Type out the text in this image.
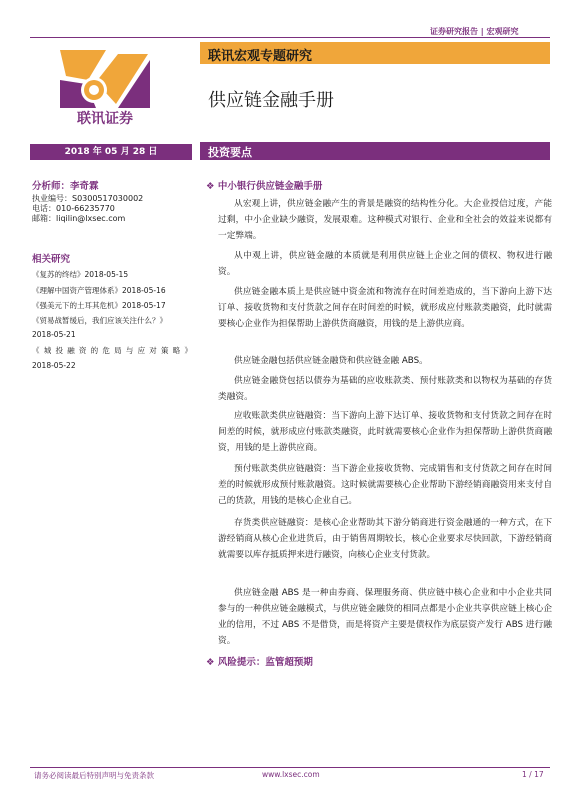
证券研究报告 | 宏观研究
联讯宏观专题研究
联讯证券
供应链金融手册
2018 年 05 月 28 日	投资要点
分析师：李奇霖
执业编号：S0300517030002
电话：010-66235770
邮箱：liqilin@lxsec.com
相关研究
《复苏的终结》2018-05-15
《理解中国资产管理体系》2018-05-16
《强美元下的土耳其危机》2018-05-17
《贸易战暂缓后，我们应该关注什么？》
2018-05-21
《城投融资的危局与应对策略》
2018-05-22
❖ 中小银行供应链金融手册

从宏观上讲，供应链金融产生的背景是融资的结构性分化。大企业授信过度，产能过剩，中小企业缺少融资，发展艰难。这种模式对银行、企业和全社会的效益来说都有一定弊端。

从中观上讲，供应链金融的本质就是利用供应链上企业之间的债权、物权进行融资。

供应链金融本质上是供应链中资金流和物流存在时间差造成的，当下游向上游下达订单、接收货物和支付货款之间存在时间差的时候，就形成应付账款类融资，此时就需要核心企业作为担保帮助上游供货商融资，用钱的是上游供应商。

供应链金融包括供应链金融贷和供应链金融 ABS。

供应链金融贷包括以债券为基础的应收账款类、预付账款类和以物权为基础的存货类融资。

应收账款类供应链融资：当下游向上游下达订单、接收货物和支付货款之间存在时间差的时候，就形成应付账款类融资，此时就需要核心企业作为担保帮助上游供货商融资，用钱的是上游供应商。

预付账款类供应链融资：当下游企业接收货物、完成销售和支付货款之间存在时间差的时候就形成预付账款融资。这时候就需要核心企业帮助下游经销商融资用来支付自己的货款，用钱的是核心企业自己。

存货类供应链融资：是核心企业帮助其下游分销商进行资金融通的一种方式，在下游经销商从核心企业进货后，由于销售周期较长，核心企业要求尽快回款，下游经销商就需要以库存抵质押来进行融资，向核心企业支付货款。

供应链金融 ABS 是一种由券商、保理服务商、供应链中核心企业和中小企业共同参与的一种供应链金融模式，与供应链金融贷的相同点都是小企业共享供应链上核心企业的信用，不过 ABS 不是借贷，而是将资产主要是债权作为底层资产发行 ABS 进行融资。

❖ 风险提示：监管超预期
请务必阅读最后特别声明与免责条款	www.lxsec.com	1 / 17
